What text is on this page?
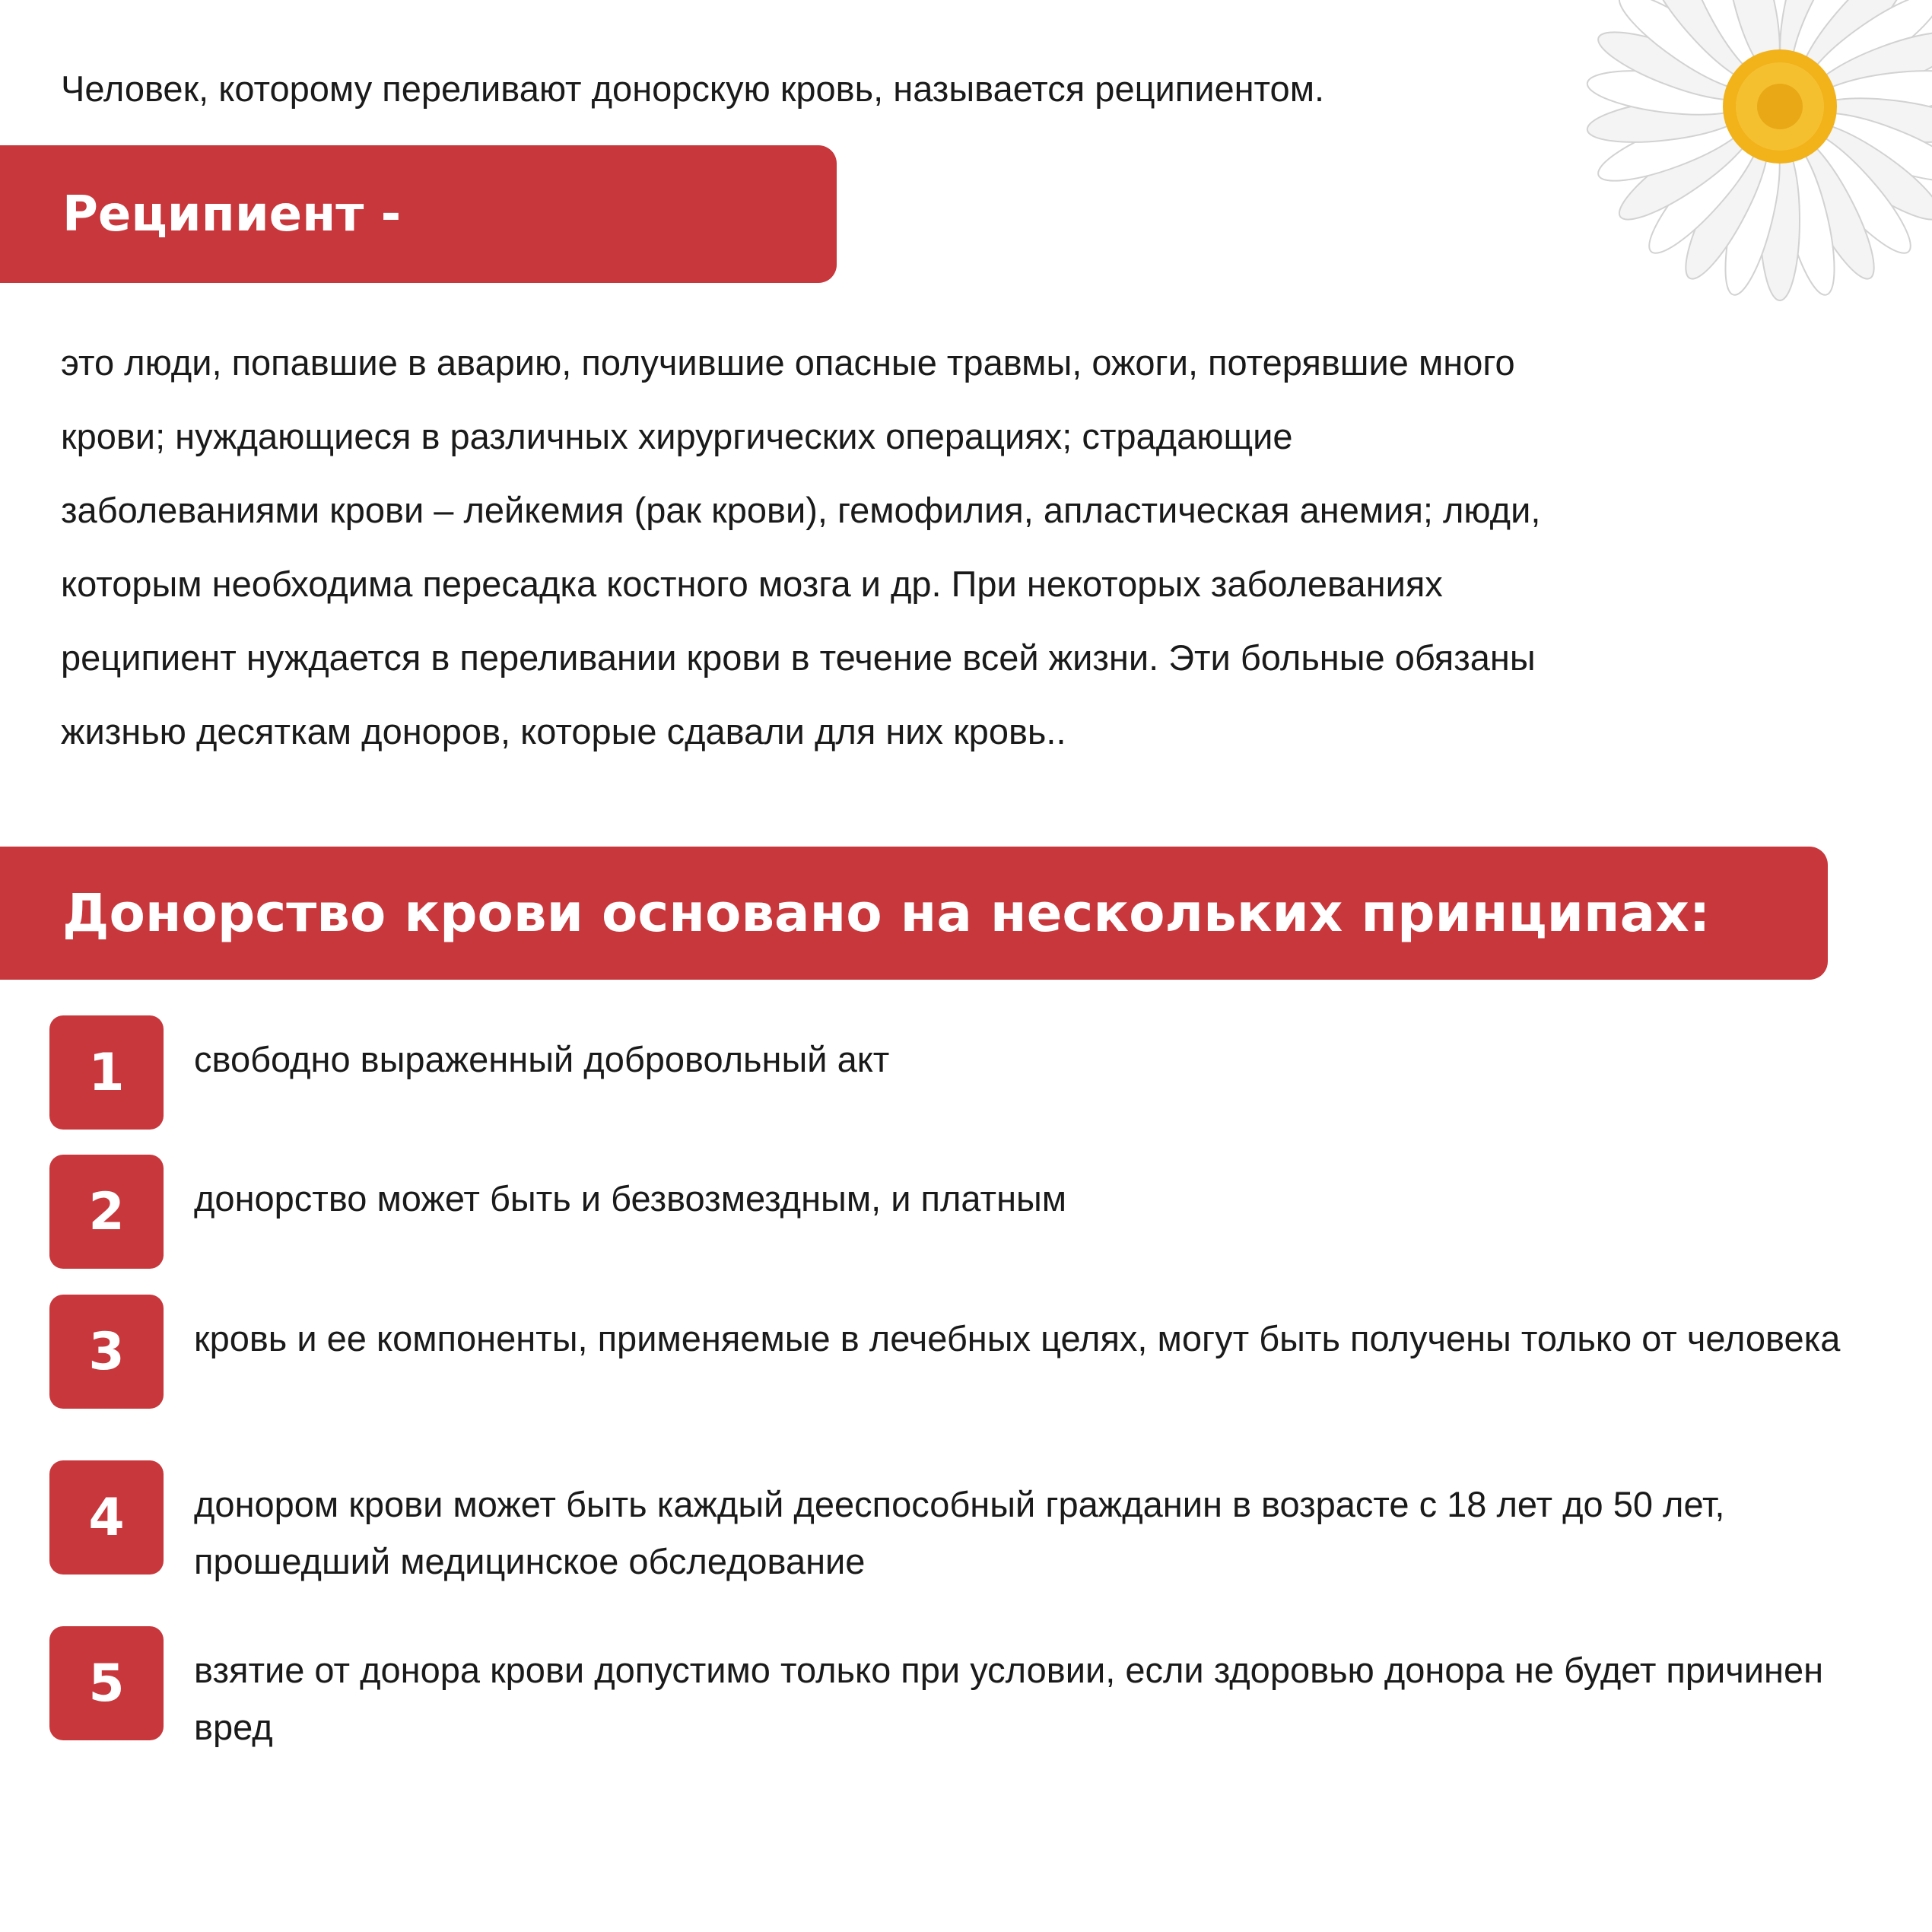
Человек, которому переливают донорскую кровь, называется реципиентом.
Реципиент -
это люди, попавшие в аварию, получившие опасные травмы, ожоги, потерявшие много
крови; нуждающиеся в различных хирургических операциях; страдающие
заболеваниями крови – лейкемия (рак крови), гемофилия, апластическая анемия; люди,
которым необходима пересадка костного мозга и др. При некоторых заболеваниях
реципиент нуждается в переливании крови в течение всей жизни. Эти больные обязаны
жизнью десяткам доноров, которые сдавали для них кровь..
Донорство крови основано на нескольких принципах:
1	свободно выраженный добровольный акт
2	донорство может быть и безвозмездным, и платным
3	кровь и ее компоненты, применяемые в лечебных целях, могут быть получены только от человека
4	донором крови может быть каждый дееспособный гражданин в возрасте с 18 лет до 50 лет, прошедший медицинское обследование
5	взятие от донора крови допустимо только при условии, если здоровью донора не будет причинен вред
